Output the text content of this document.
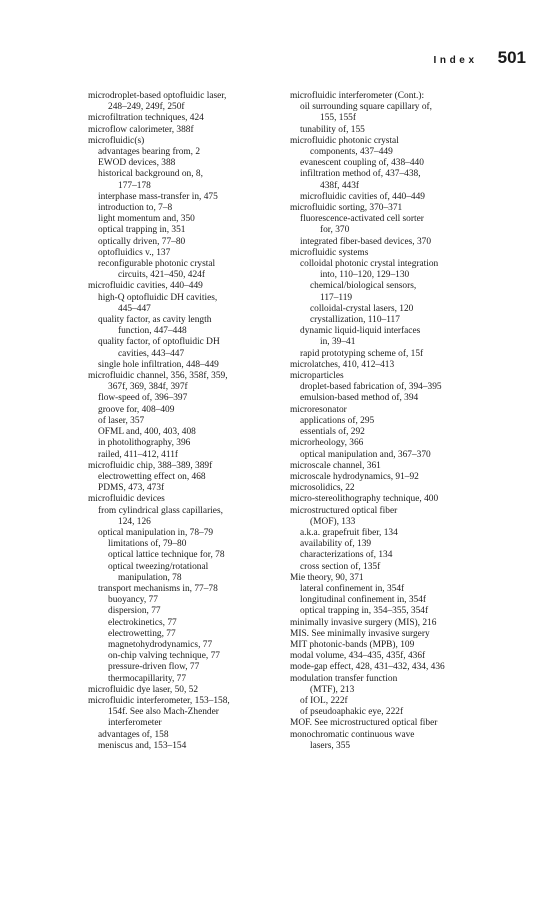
Index 501
microdroplet-based optofluidic laser,
248–249, 249f, 250f
microfiltration techniques, 424
microflow calorimeter, 388f
microfluidic(s)
advantages bearing from, 2
EWOD devices, 388
historical background on, 8,
177–178
interphase mass-transfer in, 475
introduction to, 7–8
light momentum and, 350
optical trapping in, 351
optically driven, 77–80
optofluidics v., 137
reconfigurable photonic crystal
circuits, 421–450, 424f
microfluidic cavities, 440–449
high-Q optofluidic DH cavities,
445–447
quality factor, as cavity length
function, 447–448
quality factor, of optofluidic DH
cavities, 443–447
single hole infiltration, 448–449
microfluidic channel, 356, 358f, 359,
367f, 369, 384f, 397f
flow-speed of, 396–397
groove for, 408–409
of laser, 357
OFML and, 400, 403, 408
in photolithography, 396
railed, 411–412, 411f
microfluidic chip, 388–389, 389f
electrowetting effect on, 468
PDMS, 473, 473f
microfluidic devices
from cylindrical glass capillaries,
124, 126
optical manipulation in, 78–79
limitations of, 79–80
optical lattice technique for, 78
optical tweezing/rotational
manipulation, 78
transport mechanisms in, 77–78
buoyancy, 77
dispersion, 77
electrokinetics, 77
electrowetting, 77
magnetohydrodynamics, 77
on-chip valving technique, 77
pressure-driven flow, 77
thermocapillarity, 77
microfluidic dye laser, 50, 52
microfluidic interferometer, 153–158,
154f. See also Mach-Zhender
interferometer
advantages of, 158
meniscus and, 153–154
microfluidic interferometer (Cont.):
oil surrounding square capillary of,
155, 155f
tunability of, 155
microfluidic photonic crystal
components, 437–449
evanescent coupling of, 438–440
infiltration method of, 437–438,
438f, 443f
microfluidic cavities of, 440–449
microfluidic sorting, 370–371
fluorescence-activated cell sorter
for, 370
integrated fiber-based devices, 370
microfluidic systems
colloidal photonic crystal integration
into, 110–120, 129–130
chemical/biological sensors,
117–119
colloidal-crystal lasers, 120
crystallization, 110–117
dynamic liquid-liquid interfaces
in, 39–41
rapid prototyping scheme of, 15f
microlatches, 410, 412–413
microparticles
droplet-based fabrication of, 394–395
emulsion-based method of, 394
microresonator
applications of, 295
essentials of, 292
microrheology, 366
optical manipulation and, 367–370
microscale channel, 361
microscale hydrodynamics, 91–92
microsolidics, 22
micro-stereolithography technique, 400
microstructured optical fiber
(MOF), 133
a.k.a. grapefruit fiber, 134
availability of, 139
characterizations of, 134
cross section of, 135f
Mie theory, 90, 371
lateral confinement in, 354f
longitudinal confinement in, 354f
optical trapping in, 354–355, 354f
minimally invasive surgery (MIS), 216
MIS. See minimally invasive surgery
MIT photonic-bands (MPB), 109
modal volume, 434–435, 435f, 436f
mode-gap effect, 428, 431–432, 434, 436
modulation transfer function
(MTF), 213
of IOL, 222f
of pseudoaphakic eye, 222f
MOF. See microstructured optical fiber
monochromatic continuous wave
lasers, 355
